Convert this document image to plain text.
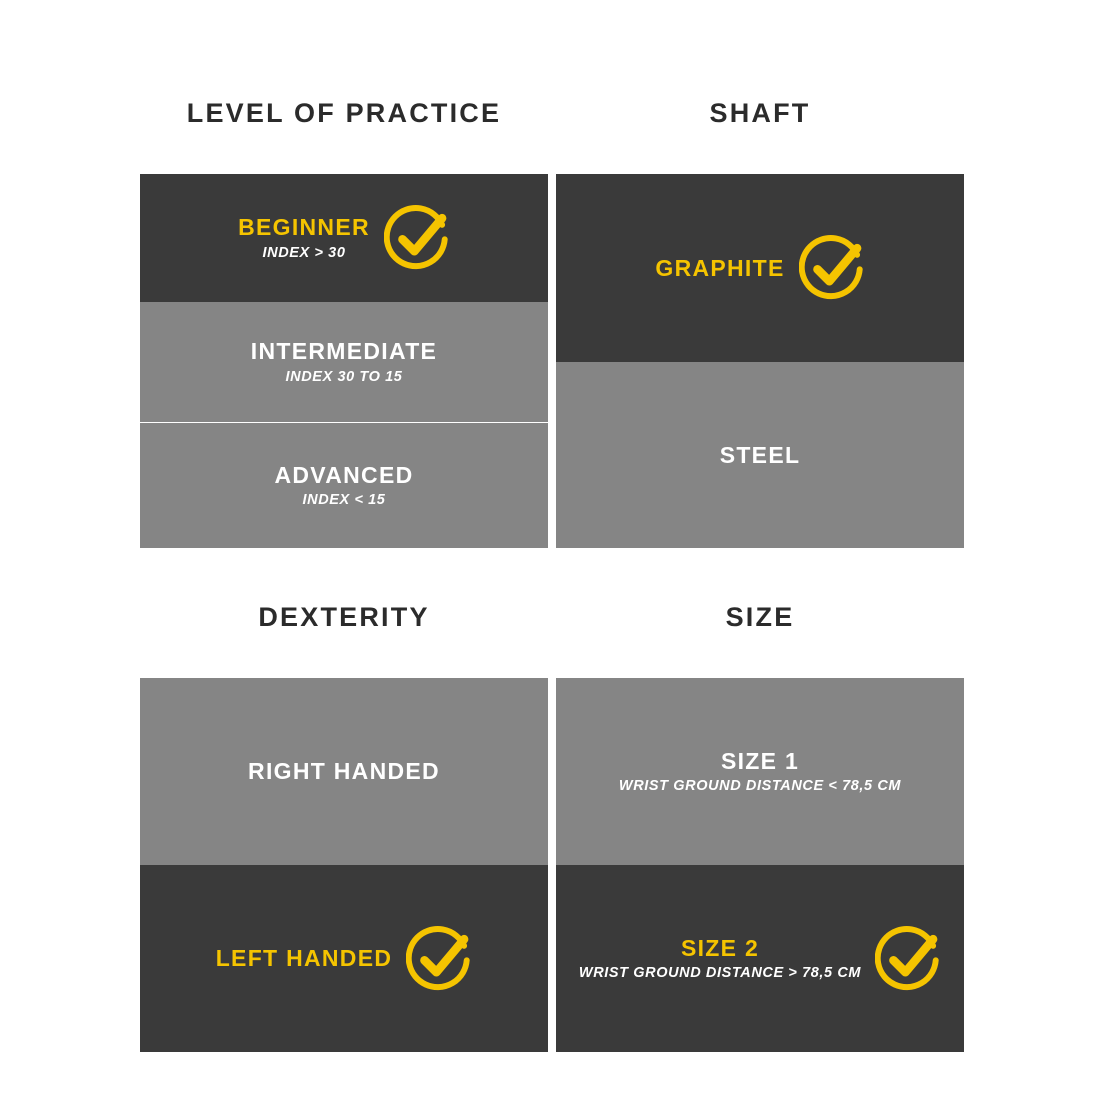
LEVEL OF PRACTICE
BEGINNER
INDEX > 30
INTERMEDIATE
INDEX 30 TO 15
ADVANCED
INDEX < 15
SHAFT
GRAPHITE
STEEL
DEXTERITY
RIGHT HANDED
LEFT HANDED
SIZE
SIZE 1
WRIST GROUND DISTANCE < 78,5 CM
SIZE 2
WRIST GROUND DISTANCE > 78,5 CM
